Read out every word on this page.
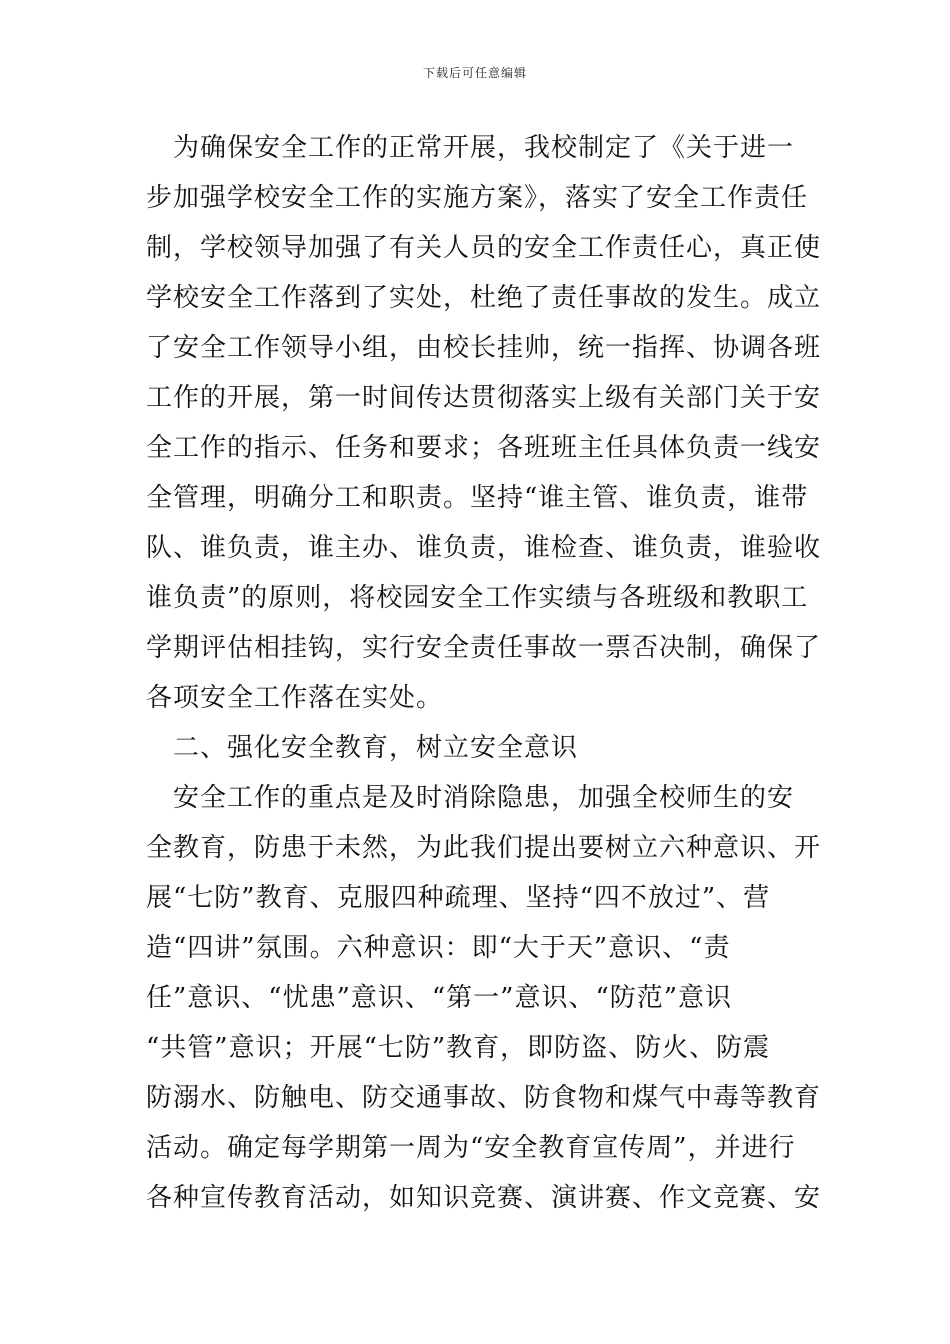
下载后可任意编辑
　为确保安全工作的正常开展，我校制定了《关于进一
步加强学校安全工作的实施方案》，落实了安全工作责任
制，学校领导加强了有关人员的安全工作责任心，真正使
学校安全工作落到了实处，杜绝了责任事故的发生。成立
了安全工作领导小组，由校长挂帅，统一指挥、协调各班
工作的开展，第一时间传达贯彻落实上级有关部门关于安
全工作的指示、任务和要求；各班班主任具体负责一线安
全管理，明确分工和职责。坚持“谁主管、谁负责，谁带
队、谁负责，谁主办、谁负责，谁检查、谁负责，谁验收
谁负责”的原则，将校园安全工作实绩与各班级和教职工
学期评估相挂钩，实行安全责任事故一票否决制，确保了
各项安全工作落在实处。
　二、强化安全教育，树立安全意识
　安全工作的重点是及时消除隐患，加强全校师生的安
全教育，防患于未然，为此我们提出要树立六种意识、开
展“七防”教育、克服四种疏理、坚持“四不放过”、营
造“四讲”氛围。六种意识：即“大于天”意识、“责
任”意识、“忧患”意识、“第一”意识、“防范”意识
“共管”意识；开展“七防”教育，即防盗、防火、防震
防溺水、防触电、防交通事故、防食物和煤气中毒等教育
活动。确定每学期第一周为“安全教育宣传周”，并进行
各种宣传教育活动，如知识竞赛、演讲赛、作文竞赛、安
